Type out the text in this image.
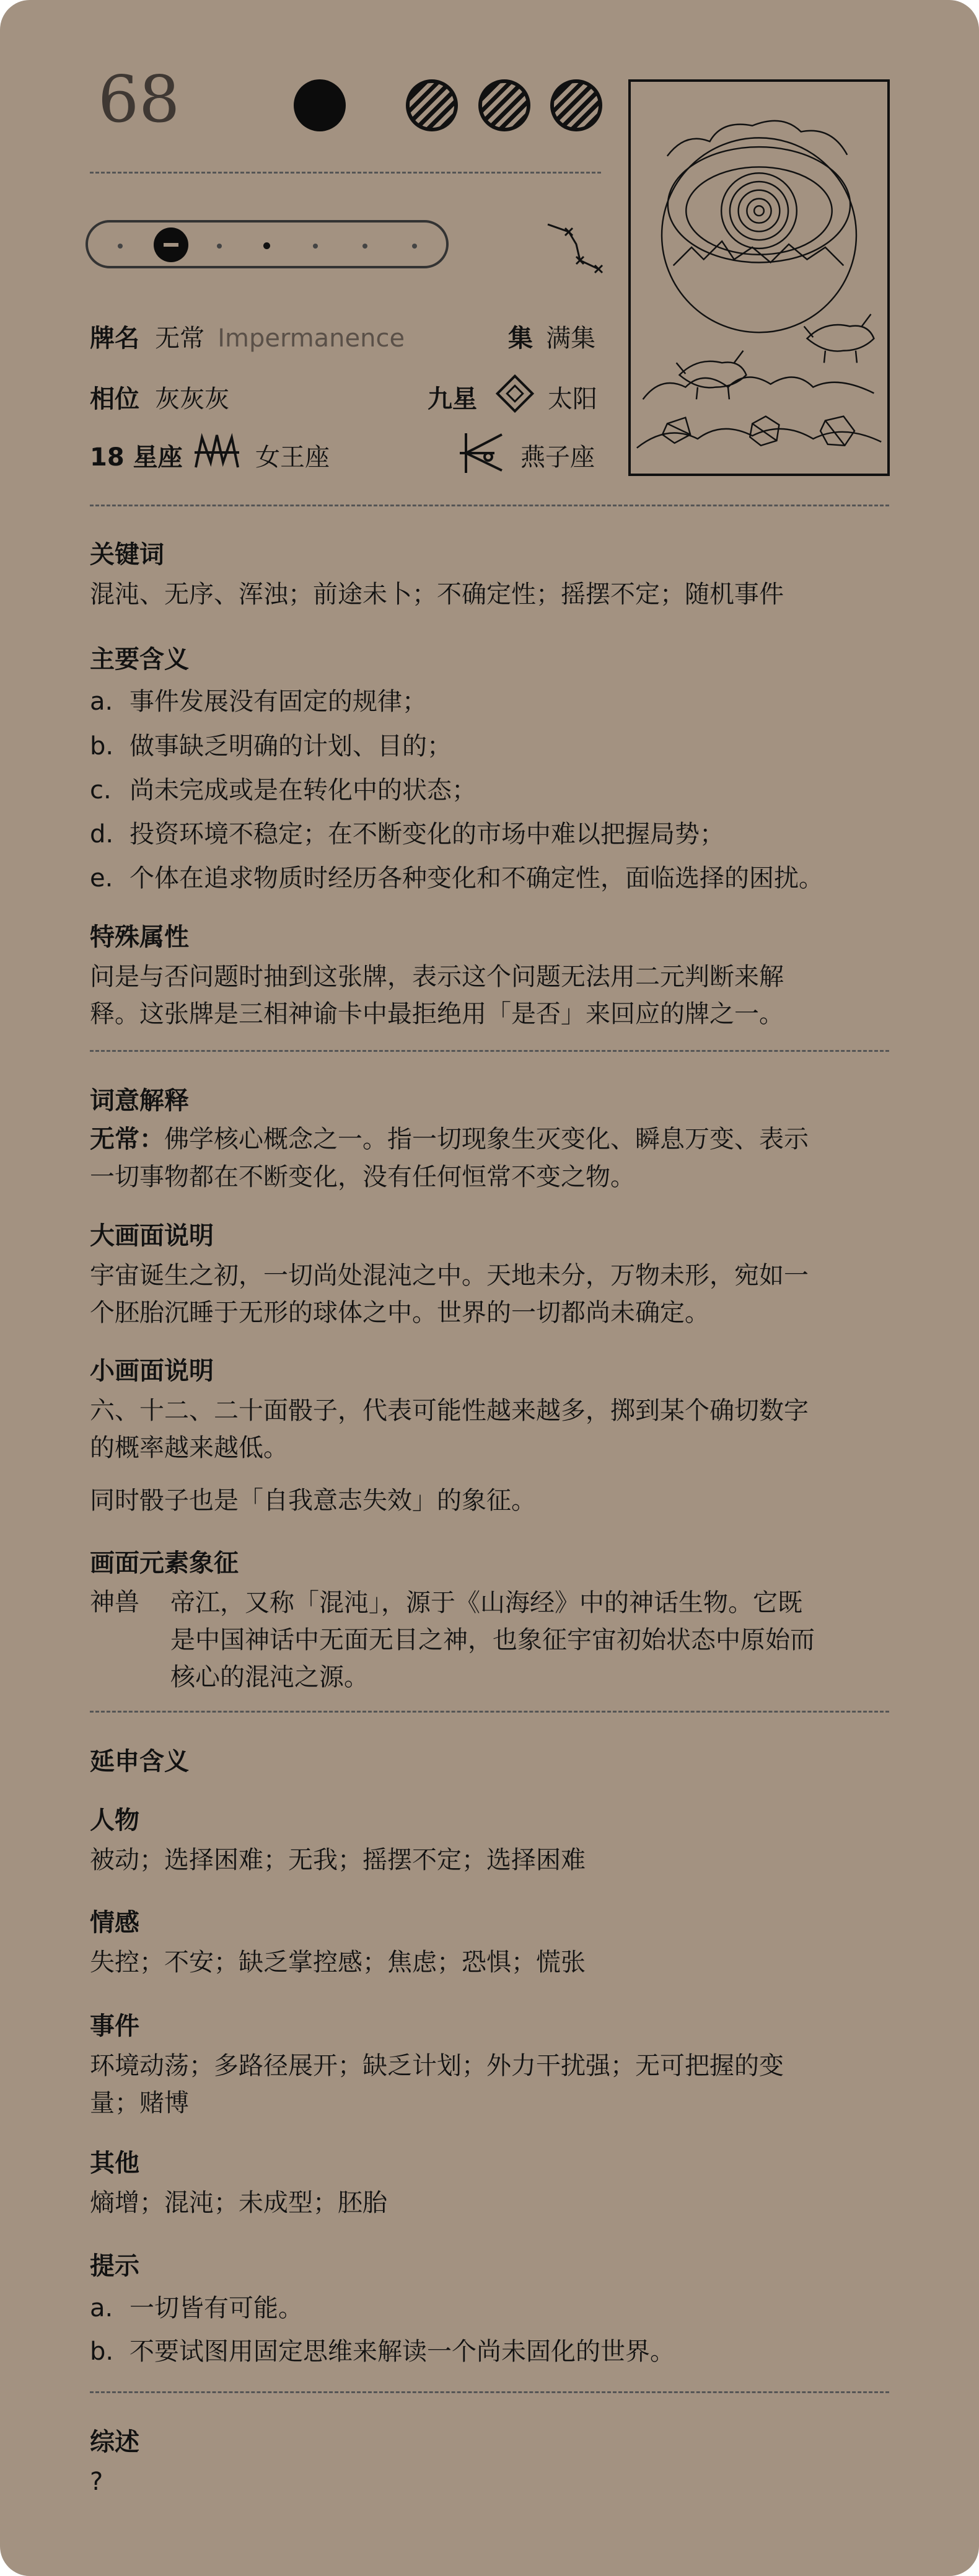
68
牌名 无常 Impermanence	集 满集
相位 灰灰灰	九星	太阳
18 星座	女王座	燕子座
关键词
混沌、无序、浑浊；前途未卜；不确定性；摇摆不定；随机事件
主要含义
a. 事件发展没有固定的规律；
b. 做事缺乏明确的计划、目的；
c. 尚未完成或是在转化中的状态；
d. 投资环境不稳定；在不断变化的市场中难以把握局势；
e. 个体在追求物质时经历各种变化和不确定性，面临选择的困扰。
特殊属性
问是与否问题时抽到这张牌，表示这个问题无法用二元判断来解
释。这张牌是三相神谕卡中最拒绝用「是否」来回应的牌之一。
词意解释
无常：佛学核心概念之一。指一切现象生灭变化、瞬息万变、表示
一切事物都在不断变化，没有任何恒常不变之物。
大画面说明
宇宙诞生之初，一切尚处混沌之中。天地未分，万物未形，宛如一
个胚胎沉睡于无形的球体之中。世界的一切都尚未确定。
小画面说明
六、十二、二十面骰子，代表可能性越来越多，掷到某个确切数字
的概率越来越低。
同时骰子也是「自我意志失效」的象征。
画面元素象征
神兽 帝江，又称「混沌」，源于《山海经》中的神话生物。它既
是中国神话中无面无目之神，也象征宇宙初始状态中原始而
核心的混沌之源。
延申含义
人物
被动；选择困难；无我；摇摆不定；选择困难
情感
失控；不安；缺乏掌控感；焦虑；恐惧；慌张
事件
环境动荡；多路径展开；缺乏计划；外力干扰强；无可把握的变
量；赌博
其他
熵增；混沌；未成型；胚胎
提示
a. 一切皆有可能。
b. 不要试图用固定思维来解读一个尚未固化的世界。
综述
?
